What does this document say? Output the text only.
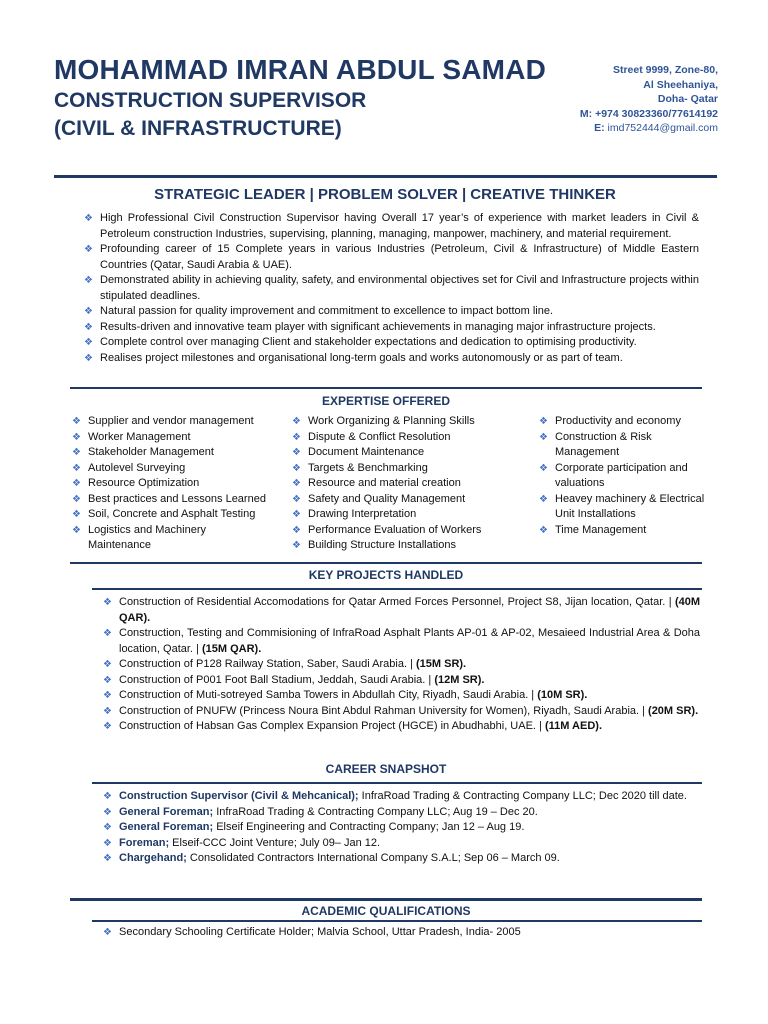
MOHAMMAD IMRAN ABDUL SAMAD
CONSTRUCTION SUPERVISOR
(CIVIL & INFRASTRUCTURE)
Street 9999, Zone-80,
Al Sheehaniya,
Doha- Qatar
M: +974 30823360/77614192
E: imd752444@gmail.com
STRATEGIC LEADER | PROBLEM SOLVER | CREATIVE THINKER
❖ High Professional Civil Construction Supervisor having Overall 17 year’s of experience with market leaders in Civil & Petroleum construction Industries, supervising, planning, managing, manpower, machinery, and material requirement.
❖ Profounding career of 15 Complete years in various Industries (Petroleum, Civil & Infrastructure) of Middle Eastern Countries (Qatar, Saudi Arabia & UAE).
❖ Demonstrated ability in achieving quality, safety, and environmental objectives set for Civil and Infrastructure projects within stipulated deadlines.
❖ Natural passion for quality improvement and commitment to excellence to impact bottom line.
❖ Results-driven and innovative team player with significant achievements in managing major infrastructure projects.
❖ Complete control over managing Client and stakeholder expectations and dedication to optimising productivity.
❖ Realises project milestones and organisational long-term goals and works autonomously or as part of team.
EXPERTISE OFFERED
❖ Supplier and vendor management
❖ Worker Management
❖ Stakeholder Management
❖ Autolevel Surveying
❖ Resource Optimization
❖ Best practices and Lessons Learned
❖ Soil, Concrete and Asphalt Testing
❖ Logistics and Machinery Maintenance
❖ Work Organizing & Planning Skills
❖ Dispute & Conflict Resolution
❖ Document Maintenance
❖ Targets & Benchmarking
❖ Resource and material creation
❖ Safety and Quality Management
❖ Drawing Interpretation
❖ Performance Evaluation of Workers
❖ Building Structure Installations
❖ Productivity and economy
❖ Construction & Risk Management
❖ Corporate participation and valuations
❖ Heavey machinery & Electrical Unit Installations
❖ Time Management
KEY PROJECTS HANDLED
❖ Construction of Residential Accomodations for Qatar Armed Forces Personnel, Project S8, Jijan location, Qatar. | (40M QAR).
❖ Construction, Testing and Commisioning of InfraRoad Asphalt Plants AP-01 & AP-02, Mesaieed Industrial Area & Doha location, Qatar. | (15M QAR).
❖ Construction of P128 Railway Station, Saber, Saudi Arabia. | (15M SR).
❖ Construction of P001 Foot Ball Stadium, Jeddah, Saudi Arabia. | (12M SR).
❖ Construction of Muti-sotreyed Samba Towers in Abdullah City, Riyadh, Saudi Arabia. | (10M SR).
❖ Construction of PNUFW (Princess Noura Bint Abdul Rahman University for Women), Riyadh, Saudi Arabia. | (20M SR).
❖ Construction of Habsan Gas Complex Expansion Project (HGCE) in Abudhabhi, UAE. | (11M AED).
CAREER SNAPSHOT
❖ Construction Supervisor (Civil & Mehcanical); InfraRoad Trading & Contracting Company LLC; Dec 2020 till date.
❖ General Foreman; InfraRoad Trading & Contracting Company LLC; Aug 19 – Dec 20.
❖ General Foreman; Elseif Engineering and Contracting Company; Jan 12 – Aug 19.
❖ Foreman; Elseif-CCC Joint Venture; July 09– Jan 12.
❖ Chargehand; Consolidated Contractors International Company S.A.L; Sep 06 – March 09.
ACADEMIC QUALIFICATIONS
❖ Secondary Schooling Certificate Holder; Malvia School, Uttar Pradesh, India- 2005
